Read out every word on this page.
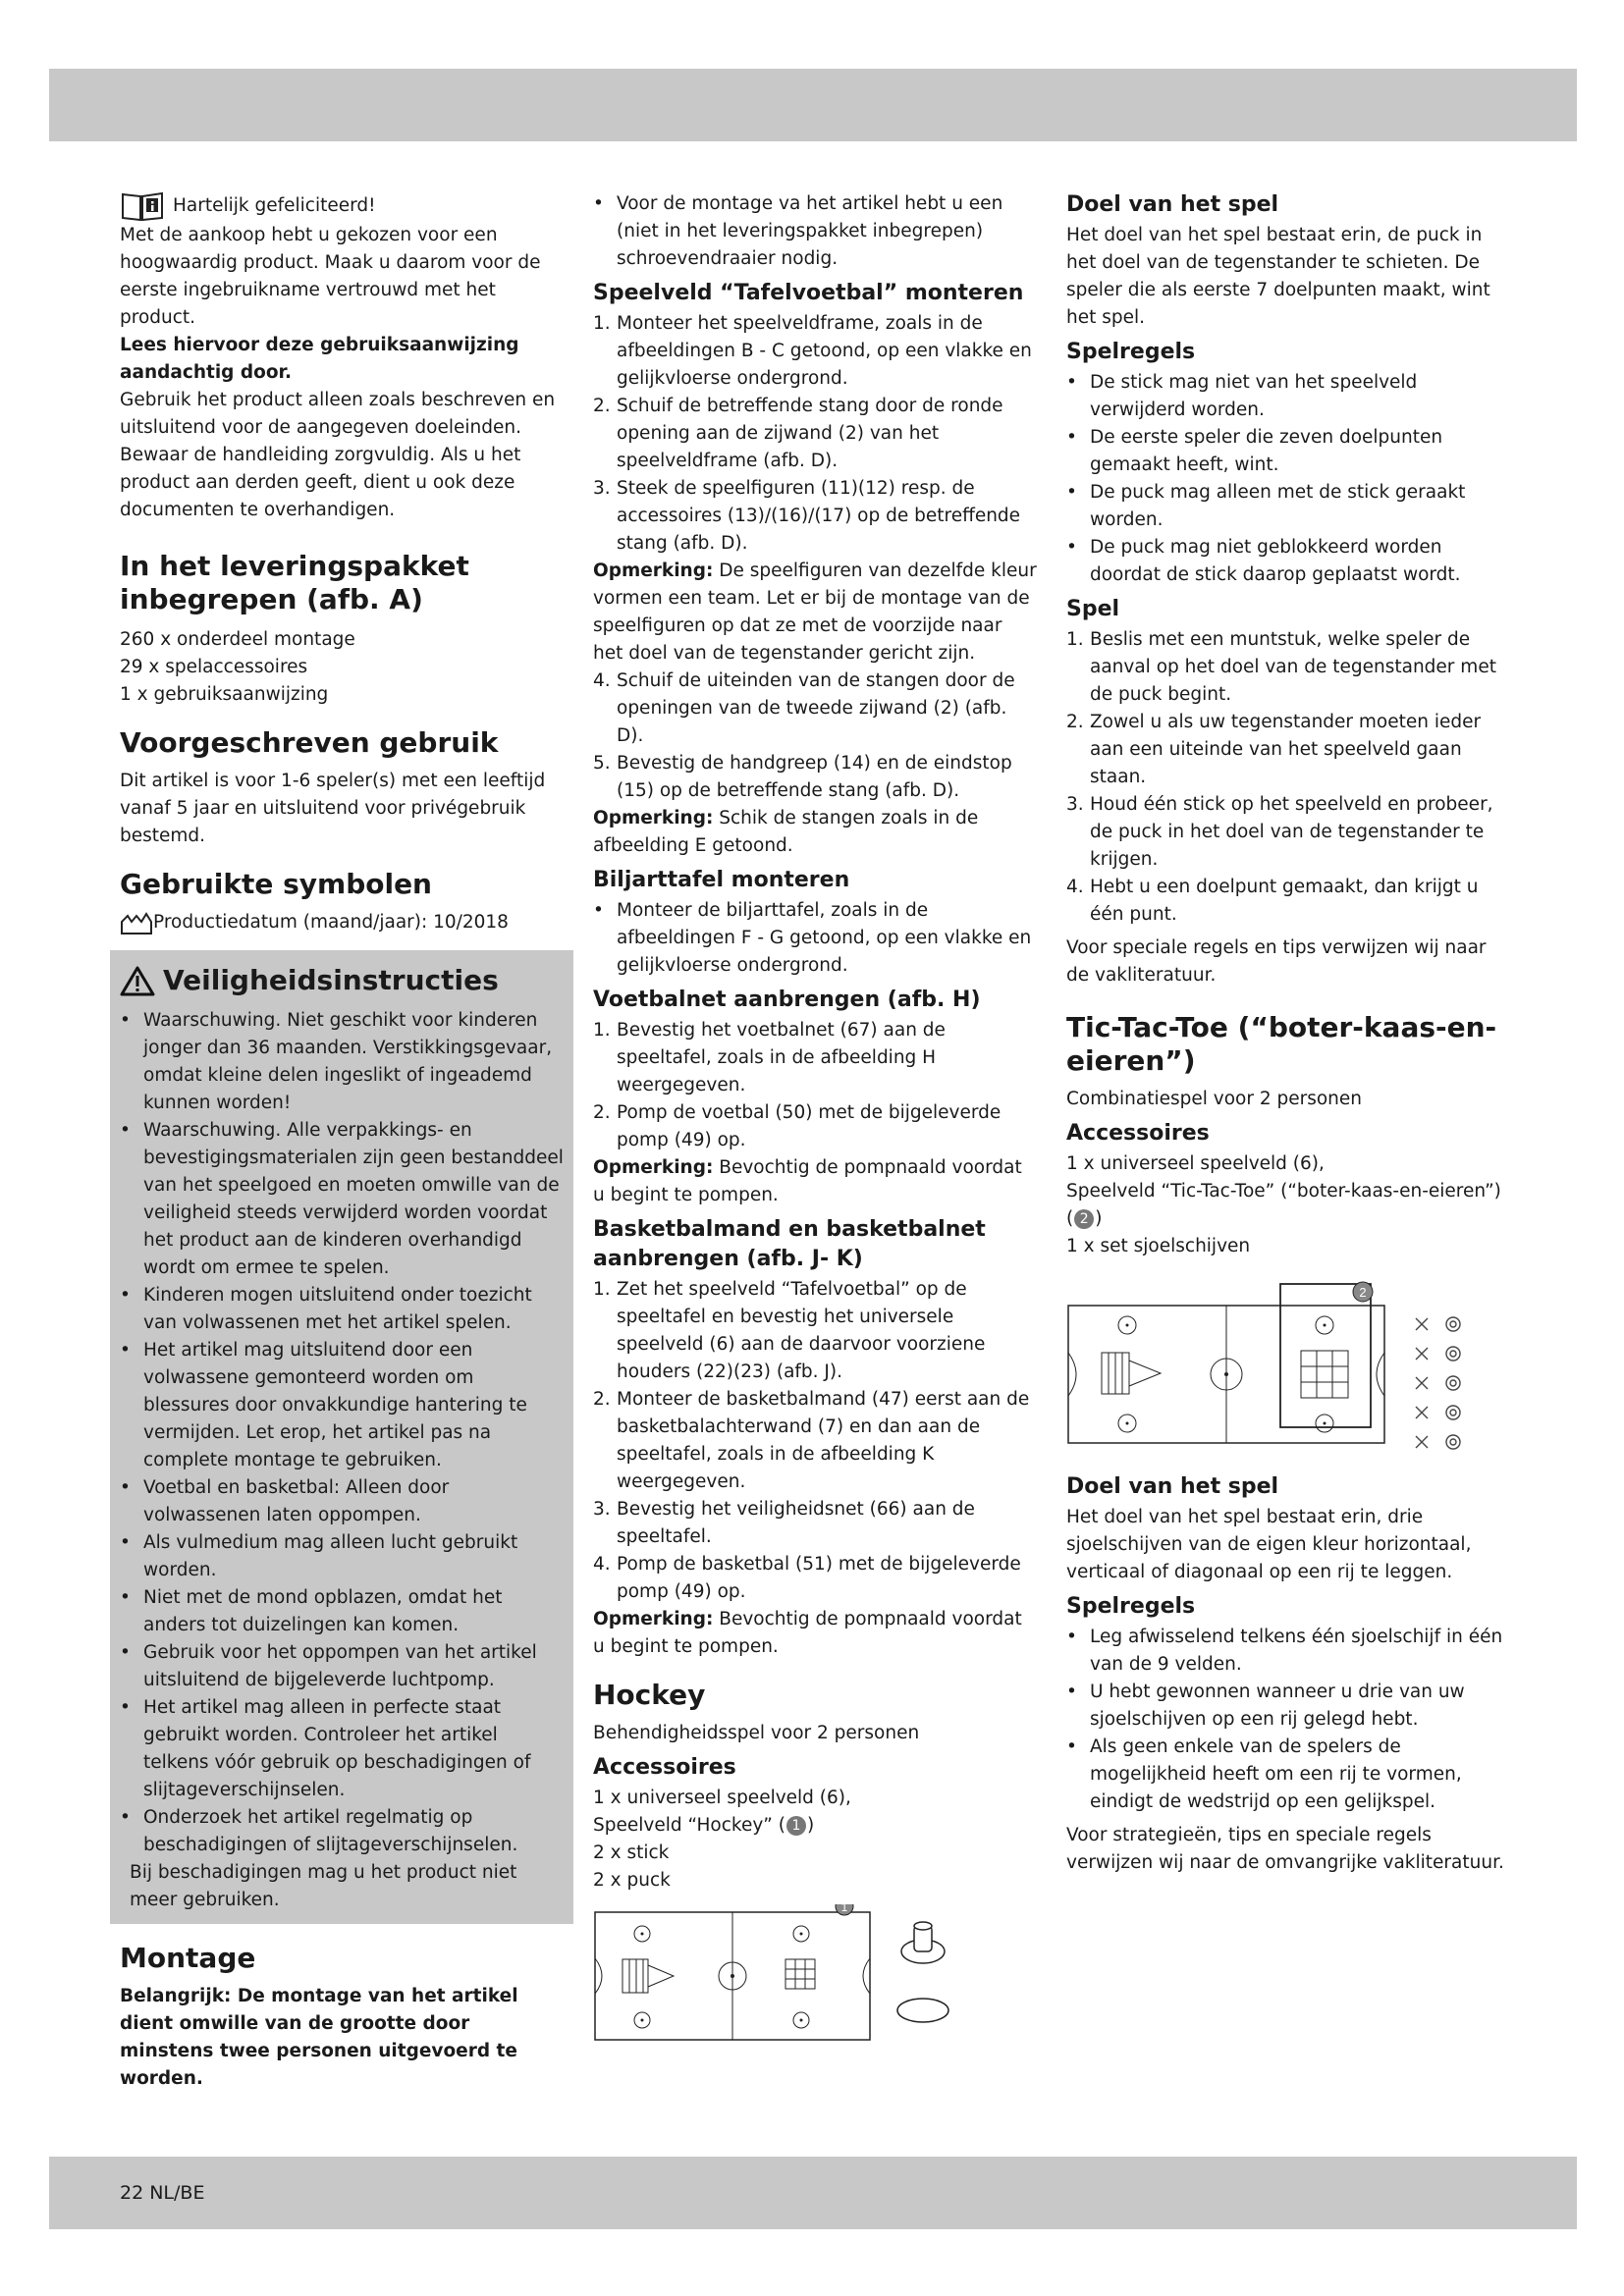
Hartelijk gefeliciteerd!

Met de aankoop hebt u gekozen voor een hoogwaardig product. Maak u daarom voor de eerste ingebruikname vertrouwd met het product.

Lees hiervoor deze gebruiksaanwijzing aandachtig door.

Gebruik het product alleen zoals beschreven en uitsluitend voor de aangegeven doeleinden. Bewaar de handleiding zorgvuldig. Als u het product aan derden geeft, dient u ook deze documenten te overhandigen.

In het leveringspakket inbegrepen (afb. A)

260 x onderdeel montage

29 x spelaccessoires

1 x gebruiksaanwijzing

Voorgeschreven gebruik

Dit artikel is voor 1-6 speler(s) met een leeftijd vanaf 5 jaar en uitsluitend voor privégebruik bestemd.

Gebruikte symbolen
Productiedatum (maand/jaar): 10/2018
Veiligheidsinstructies
• Waarschuwing. Niet geschikt voor kinderen jonger dan 36 maanden. Verstikkingsgevaar, omdat kleine delen ingeslikt of ingeademd kunnen worden!
• Waarschuwing. Alle verpakkings- en bevestigingsmaterialen zijn geen bestanddeel van het speelgoed en moeten omwille van de veiligheid steeds verwijderd worden voordat het product aan de kinderen overhandigd wordt om ermee te spelen.
• Kinderen mogen uitsluitend onder toezicht van volwassenen met het artikel spelen.
• Het artikel mag uitsluitend door een volwassene gemonteerd worden om blessures door onvakkundige hantering te vermijden. Let erop, het artikel pas na complete montage te gebruiken.
• Voetbal en basketbal: Alleen door volwassenen laten oppompen.
• Als vulmedium mag alleen lucht gebruikt worden.
• Niet met de mond opblazen, omdat het anders tot duizelingen kan komen.
• Gebruik voor het oppompen van het artikel uitsluitend de bijgeleverde luchtpomp.
• Het artikel mag alleen in perfecte staat gebruikt worden. Controleer het artikel telkens vóór gebruik op beschadigingen of slijtageverschijnselen.
• Onderzoek het artikel regelmatig op beschadigingen of slijtageverschijnselen.

Bij beschadigingen mag u het product niet meer gebruiken.

Montage

Belangrijk: De montage van het artikel dient omwille van de grootte door minstens twee personen uitgevoerd te worden.

• Voor de montage va het artikel hebt u een (niet in het leveringspakket inbegrepen) schroevendraaier nodig.
Speelveld “Tafelvoetbal” monteren
1. Monteer het speelveldframe, zoals in de afbeeldingen B - C getoond, op een vlakke en gelijkvloerse ondergrond.
2. Schuif de betreffende stang door de ronde opening aan de zijwand (2) van het speelveldframe (afb. D).
3. Steek de speelfiguren (11)(12) resp. de accessoires (13)/(16)/(17) op de betreffende stang (afb. D).

Opmerking: De speelfiguren van dezelfde kleur vormen een team. Let er bij de montage van de speelfiguren op dat ze met de voorzijde naar het doel van de tegenstander gericht zijn.

4. Schuif de uiteinden van de stangen door de openingen van de tweede zijwand (2) (afb. D).
5. Bevestig de handgreep (14) en de eindstop (15) op de betreffende stang (afb. D).

Opmerking: Schik de stangen zoals in de afbeelding E getoond.

Biljarttafel monteren
• Monteer de biljarttafel, zoals in de afbeeldingen F - G getoond, op een vlakke en gelijkvloerse ondergrond.
Voetbalnet aanbrengen (afb. H)
1. Bevestig het voetbalnet (67) aan de speeltafel, zoals in de afbeelding H weergegeven.
2. Pomp de voetbal (50) met de bijgeleverde pomp (49) op.

Opmerking: Bevochtig de pompnaald voordat u begint te pompen.

Basketbalmand en basketbalnet aanbrengen (afb. J- K)
1. Zet het speelveld “Tafelvoetbal” op de speeltafel en bevestig het universele speelveld (6) aan de daarvoor voorziene houders (22)(23) (afb. J).
2. Monteer de basketbalmand (47) eerst aan de basketbalachterwand (7) en dan aan de speeltafel, zoals in de afbeelding K weergegeven.
3. Bevestig het veiligheidsnet (66) aan de speeltafel.
4. Pomp de basketbal (51) met de bijgeleverde pomp (49) op.

Opmerking: Bevochtig de pompnaald voordat u begint te pompen.

Hockey

Behendigheidsspel voor 2 personen

Accessoires

1 x universeel speelveld (6),

Speelveld “Hockey” ( 1 )

2 x stick

2 x puck

1
Doel van het spel

Het doel van het spel bestaat erin, de puck in het doel van de tegenstander te schieten. De speler die als eerste 7 doelpunten maakt, wint het spel.

Spelregels
• De stick mag niet van het speelveld verwijderd worden.
• De eerste speler die zeven doelpunten gemaakt heeft, wint.
• De puck mag alleen met de stick geraakt worden.
• De puck mag niet geblokkeerd worden doordat de stick daarop geplaatst wordt.
Spel
1. Beslis met een muntstuk, welke speler de aanval op het doel van de tegenstander met de puck begint.
2. Zowel u als uw tegenstander moeten ieder aan een uiteinde van het speelveld gaan staan.
3. Houd één stick op het speelveld en probeer, de puck in het doel van de tegenstander te krijgen.
4. Hebt u een doelpunt gemaakt, dan krijgt u één punt.

Voor speciale regels en tips verwijzen wij naar de vakliteratuur.

Tic-Tac-Toe (“boter-kaas-en-eieren”)

Combinatiespel voor 2 personen

Accessoires

1 x universeel speelveld (6),

Speelveld “Tic-Tac-Toe” (“boter-kaas-en-eieren”) ( 2 )

1 x set sjoelschijven

2
Doel van het spel

Het doel van het spel bestaat erin, drie sjoelschijven van de eigen kleur horizontaal, verticaal of diagonaal op een rij te leggen.

Spelregels
• Leg afwisselend telkens één sjoelschijf in één van de 9 velden.
• U hebt gewonnen wanneer u drie van uw sjoelschijven op een rij gelegd hebt.
• Als geen enkele van de spelers de mogelijkheid heeft om een rij te vormen, eindigt de wedstrijd op een gelijkspel.

Voor strategieën, tips en speciale regels verwijzen wij naar de omvangrijke vakliteratuur.

22 NL/BE
